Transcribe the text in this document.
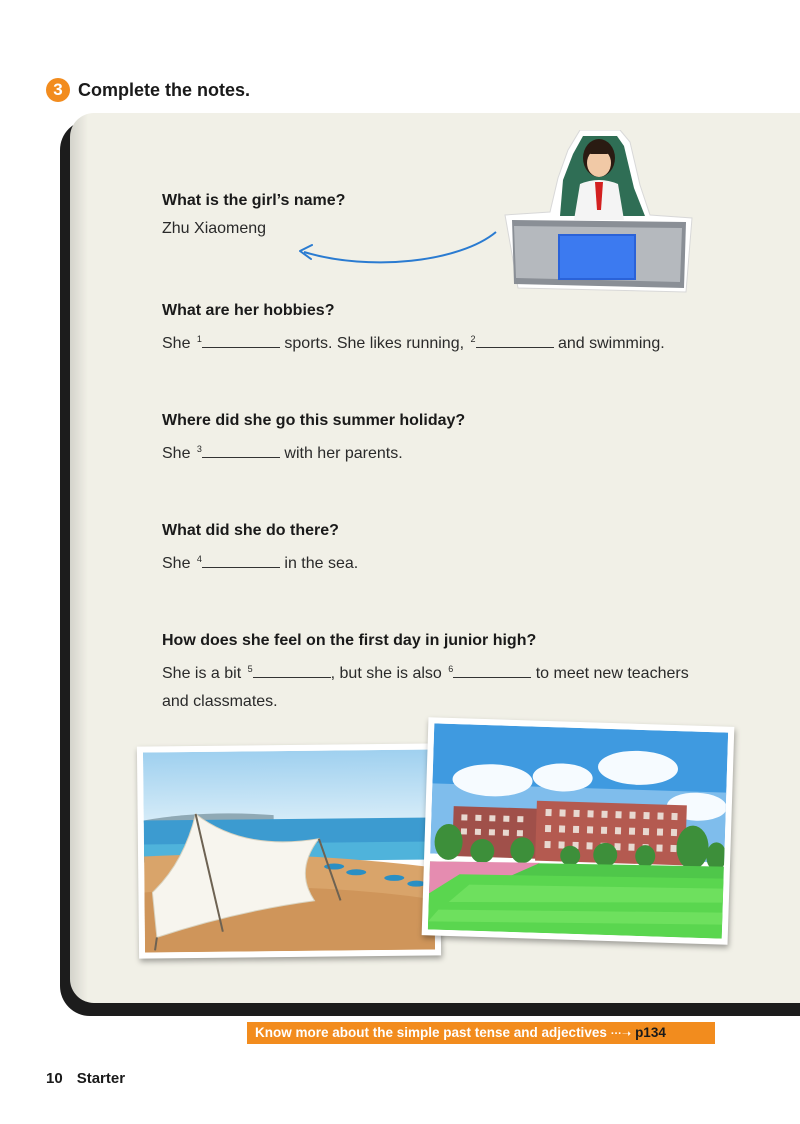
3 Complete the notes.
What is the girl’s name?
Zhu Xiaomeng
What are her hobbies?
She $^1$	sports. She likes running, $^2$	and swimming.
Where did she go this summer holiday?
She $^3$	with her parents.
What did she do there?
She $^4$	in the sea.
How does she feel on the first day in junior high?
She is a bit $^5$	, but she is also $^6$	to meet new teachers
and classmates.
Know more about the simple past tense and adjectives ···➝ p134
10 Starter
